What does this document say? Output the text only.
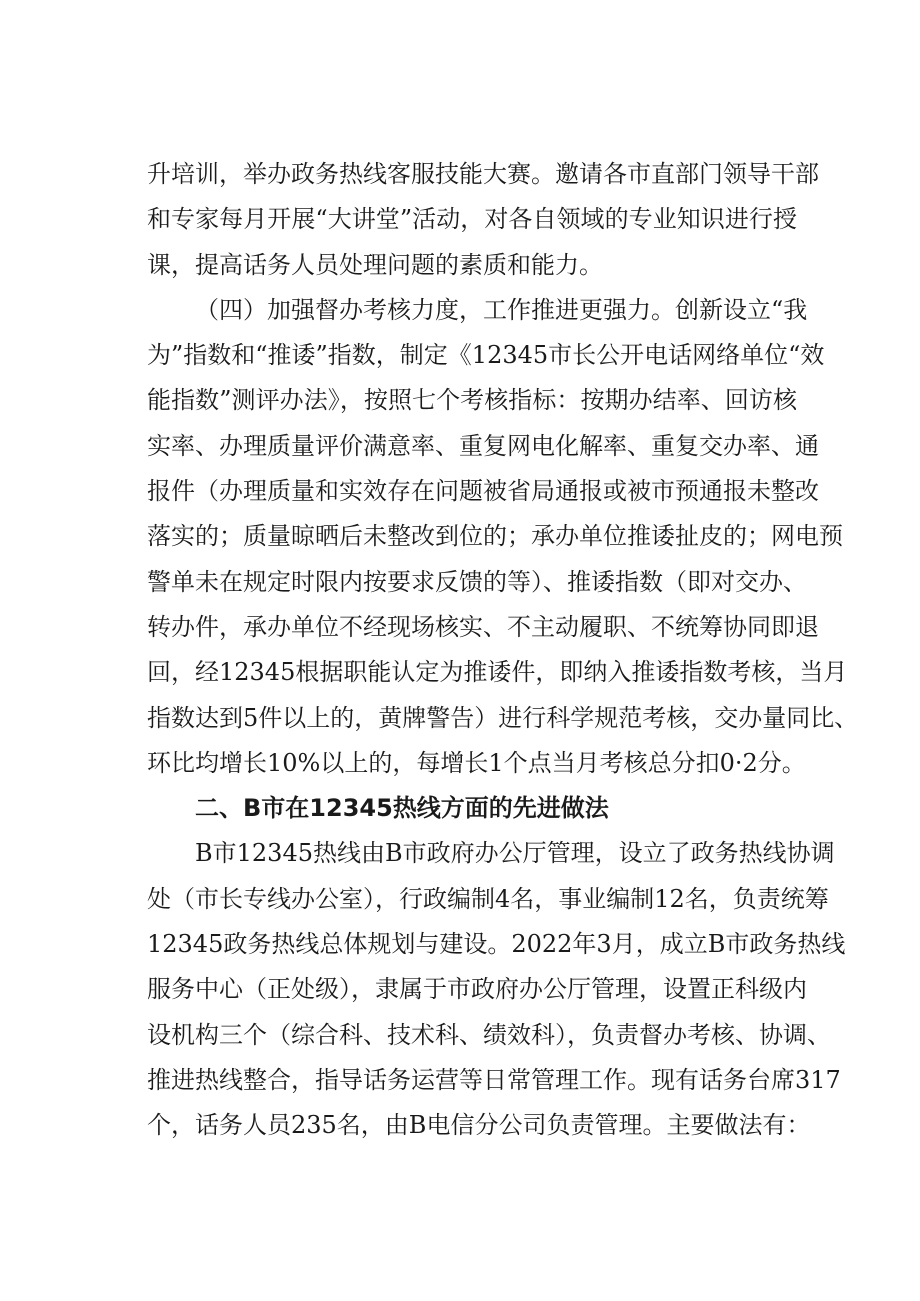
升培训，举办政务热线客服技能大赛。邀请各市直部门领导干部
和专家每月开展“大讲堂”活动，对各自领域的专业知识进行授
课，提高话务人员处理问题的素质和能力。
（四）加强督办考核力度，工作推进更强力。创新设立“我
为”指数和“推诿”指数，制定《12345市长公开电话网络单位“效
能指数”测评办法》，按照七个考核指标：按期办结率、回访核
实率、办理质量评价满意率、重复网电化解率、重复交办率、通
报件（办理质量和实效存在问题被省局通报或被市预通报未整改
落实的；质量晾晒后未整改到位的；承办单位推诿扯皮的；网电预
警单未在规定时限内按要求反馈的等）、推诿指数（即对交办、
转办件，承办单位不经现场核实、不主动履职、不统筹协同即退
回，经12345根据职能认定为推诿件，即纳入推诿指数考核，当月
指数达到5件以上的，黄牌警告）进行科学规范考核，交办量同比、
环比均增长10%以上的，每增长1个点当月考核总分扣0·2分。
二、B市在12345热线方面的先进做法
B市12345热线由B市政府办公厅管理，设立了政务热线协调
处（市长专线办公室），行政编制4名，事业编制12名，负责统筹
12345政务热线总体规划与建设。2022年3月，成立B市政务热线
服务中心（正处级），隶属于市政府办公厅管理，设置正科级内
设机构三个（综合科、技术科、绩效科），负责督办考核、协调、
推进热线整合，指导话务运营等日常管理工作。现有话务台席317
个，话务人员235名，由B电信分公司负责管理。主要做法有：
